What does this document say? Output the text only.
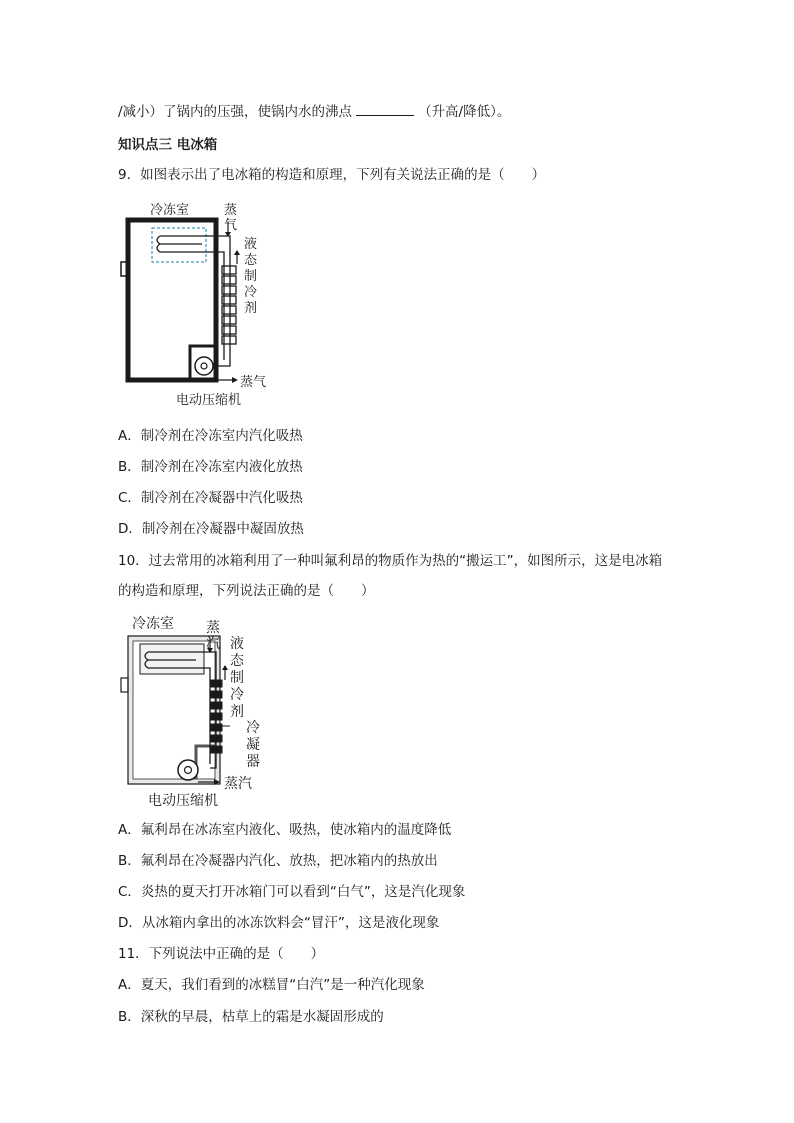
/减小）了锅内的压强，使锅内水的沸点	（升高/降低）。
知识点三 电冰箱
9．如图表示出了电冰箱的构造和原理，下列有关说法正确的是（　　）
冷冻室	蒸
气
液
态
制
冷
剂
蒸气
电动压缩机
A．制冷剂在冷冻室内汽化吸热
B．制冷剂在冷冻室内液化放热
C．制冷剂在冷凝器中汽化吸热
D．制冷剂在冷凝器中凝固放热
10．过去常用的冰箱利用了一种叫氟利昂的物质作为热的“搬运工”，如图所示，这是电冰箱
的构造和原理，下列说法正确的是（　　）
冷冻室 蒸
汽 液
态
制
冷
剂
冷
凝
器
蒸汽
电动压缩机
A．氟利昂在冰冻室内液化、吸热，使冰箱内的温度降低
B．氟利昂在冷凝器内汽化、放热，把冰箱内的热放出
C．炎热的夏天打开冰箱门可以看到“白气”，这是汽化现象
D．从冰箱内拿出的冰冻饮料会“冒汗”，这是液化现象
11．下列说法中正确的是（　　）
A．夏天，我们看到的冰糕冒“白汽”是一种汽化现象
B．深秋的早晨，枯草上的霜是水凝固形成的
